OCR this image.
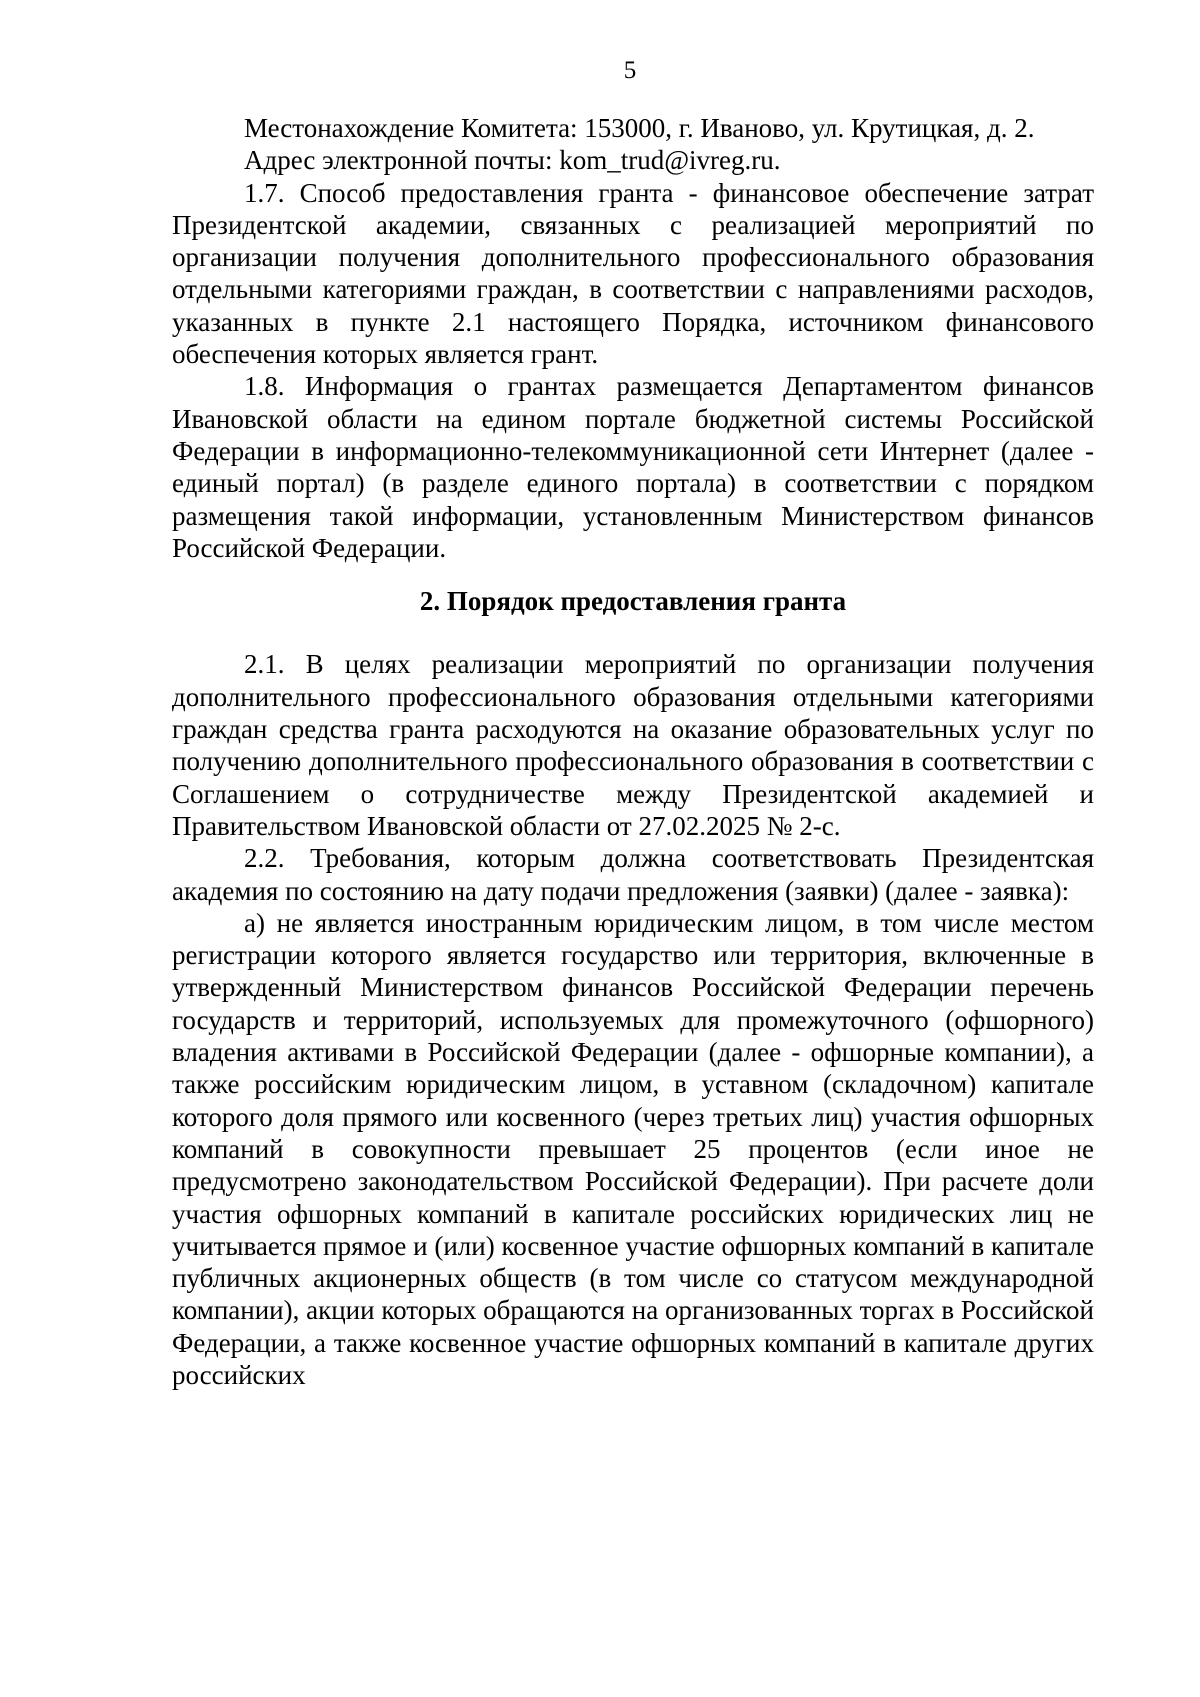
5

Местонахождение Комитета: 153000, г. Иваново, ул. Крутицкая, д. 2.

Адрес электронной почты: kom_trud@ivreg.ru.

1.7. Способ предоставления гранта - финансовое обеспечение затрат Президентской академии, связанных с реализацией мероприятий по организации получения дополнительного профессионального образования отдельными категориями граждан, в соответствии с направлениями расходов, указанных в пункте 2.1 настоящего Порядка, источником финансового обеспечения которых является грант.

1.8. Информация о грантах размещается Департаментом финансов Ивановской области на едином портале бюджетной системы Российской Федерации в информационно-телекоммуникационной сети Интернет (далее - единый портал) (в разделе единого портала) в соответствии с порядком размещения такой информации, установленным Министерством финансов Российской Федерации.

2. Порядок предоставления гранта

2.1. В целях реализации мероприятий по организации получения дополнительного профессионального образования отдельными категориями граждан средства гранта расходуются на оказание образовательных услуг по получению дополнительного профессионального образования в соответствии с Соглашением о сотрудничестве между Президентской академией и Правительством Ивановской области от 27.02.2025 № 2-с.

2.2. Требования, которым должна соответствовать Президентская академия по состоянию на дату подачи предложения (заявки) (далее - заявка):

а) не является иностранным юридическим лицом, в том числе местом регистрации которого является государство или территория, включенные в утвержденный Министерством финансов Российской Федерации перечень государств и территорий, используемых для промежуточного (офшорного) владения активами в Российской Федерации (далее - офшорные компании), а также российским юридическим лицом, в уставном (складочном) капитале которого доля прямого или косвенного (через третьих лиц) участия офшорных компаний в совокупности превышает 25 процентов (если иное не предусмотрено законодательством Российской Федерации). При расчете доли участия офшорных компаний в капитале российских юридических лиц не учитывается прямое и (или) косвенное участие офшорных компаний в капитале публичных акционерных обществ (в том числе со статусом международной компании), акции которых обращаются на организованных торгах в Российской Федерации, а также косвенное участие офшорных компаний в капитале других российских
